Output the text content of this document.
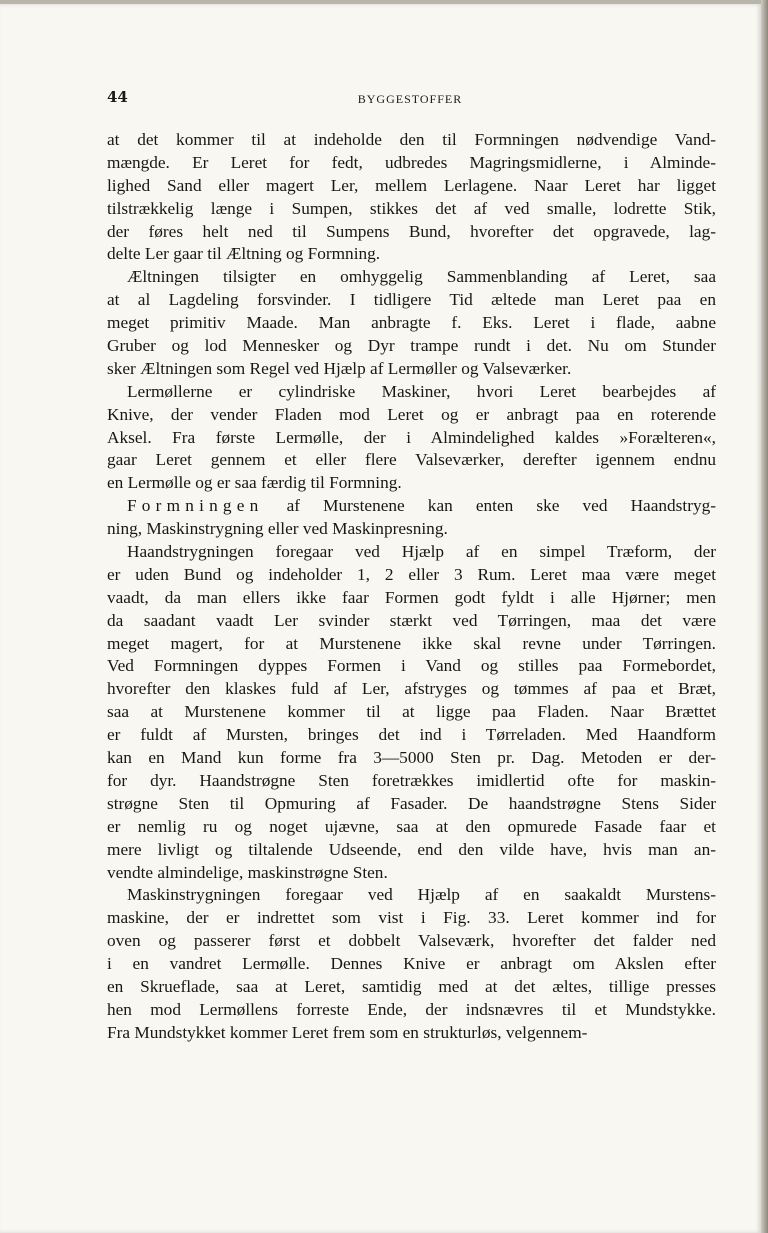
44	BYGGESTOFFER
at det kommer til at indeholde den til Formningen nødvendige Vand-
mængde. Er Leret for fedt, udbredes Magringsmidlerne, i Alminde-
lighed Sand eller magert Ler, mellem Lerlagene. Naar Leret har ligget
tilstrækkelig længe i Sumpen, stikkes det af ved smalle, lodrette Stik,
der føres helt ned til Sumpens Bund, hvorefter det opgravede, lag-
delte Ler gaar til Æltning og Formning.
Æltningen tilsigter en omhyggelig Sammenblanding af Leret, saa
at al Lagdeling forsvinder. I tidligere Tid æltede man Leret paa en
meget primitiv Maade. Man anbragte f. Eks. Leret i flade, aabne
Gruber og lod Mennesker og Dyr trampe rundt i det. Nu om Stunder
sker Æltningen som Regel ved Hjælp af Lermøller og Valseværker.
Lermøllerne er cylindriske Maskiner, hvori Leret bearbejdes af
Knive, der vender Fladen mod Leret og er anbragt paa en roterende
Aksel. Fra første Lermølle, der i Almindelighed kaldes »Forælteren«,
gaar Leret gennem et eller flere Valseværker, derefter igennem endnu
en Lermølle og er saa færdig til Formning.
Formningen af Murstenene kan enten ske ved Haandstryg-
ning, Maskinstrygning eller ved Maskinpresning.
Haandstrygningen foregaar ved Hjælp af en simpel Træform, der
er uden Bund og indeholder 1, 2 eller 3 Rum. Leret maa være meget
vaadt, da man ellers ikke faar Formen godt fyldt i alle Hjørner; men
da saadant vaadt Ler svinder stærkt ved Tørringen, maa det være
meget magert, for at Murstenene ikke skal revne under Tørringen.
Ved Formningen dyppes Formen i Vand og stilles paa Formebordet,
hvorefter den klaskes fuld af Ler, afstryges og tømmes af paa et Bræt,
saa at Murstenene kommer til at ligge paa Fladen. Naar Brættet
er fuldt af Mursten, bringes det ind i Tørreladen. Med Haandform
kan en Mand kun forme fra 3—5000 Sten pr. Dag. Metoden er der-
for dyr. Haandstrøgne Sten foretrækkes imidlertid ofte for maskin-
strøgne Sten til Opmuring af Fasader. De haandstrøgne Stens Sider
er nemlig ru og noget ujævne, saa at den opmurede Fasade faar et
mere livligt og tiltalende Udseende, end den vilde have, hvis man an-
vendte almindelige, maskinstrøgne Sten.
Maskinstrygningen foregaar ved Hjælp af en saakaldt Murstens-
maskine, der er indrettet som vist i Fig. 33. Leret kommer ind for
oven og passerer først et dobbelt Valseværk, hvorefter det falder ned
i en vandret Lermølle. Dennes Knive er anbragt om Akslen efter
en Skrueflade, saa at Leret, samtidig med at det æltes, tillige presses
hen mod Lermøllens forreste Ende, der indsnævres til et Mundstykke.
Fra Mundstykket kommer Leret frem som en strukturløs, velgennem-
